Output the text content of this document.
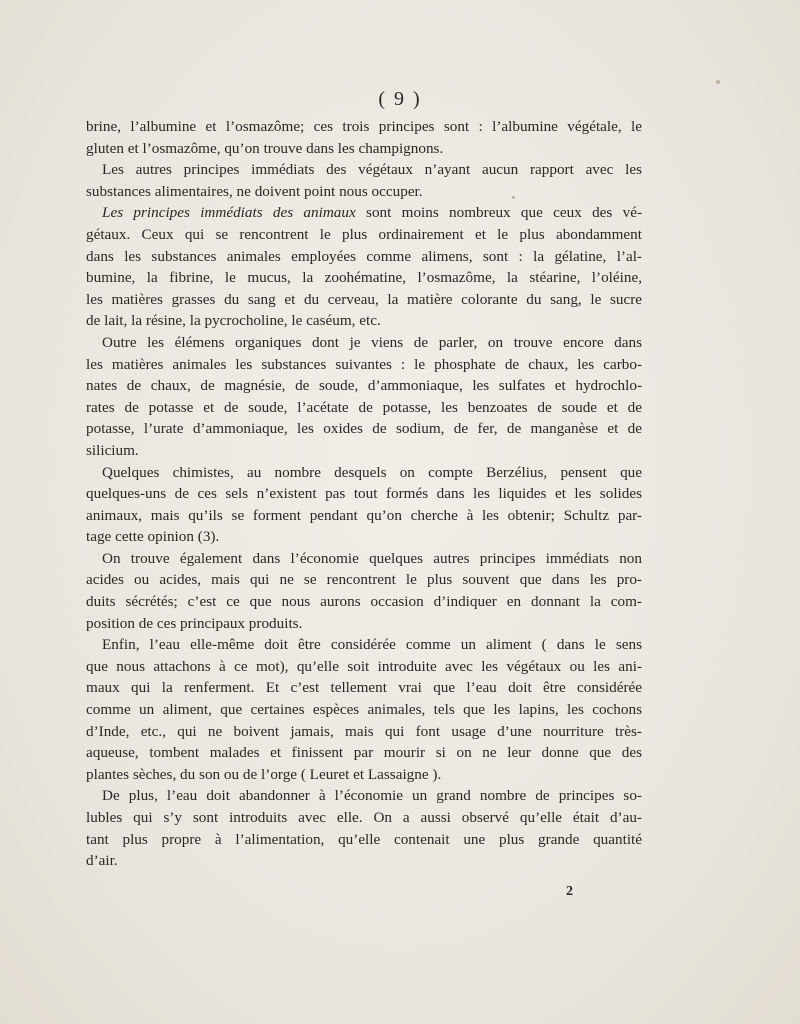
( 9 )
brine, l’albumine et l’osmazôme; ces trois principes sont : l’albumine végétale, le
gluten et l’osmazôme, qu’on trouve dans les champignons.
Les autres principes immédiats des végétaux n’ayant aucun rapport avec les
substances alimentaires, ne doivent point nous occuper.
Les principes immédiats des animaux sont moins nombreux que ceux des vé-
gétaux. Ceux qui se rencontrent le plus ordinairement et le plus abondamment
dans les substances animales employées comme alimens, sont : la gélatine, l’al-
bumine, la fibrine, le mucus, la zoohématine, l’osmazôme, la stéarine, l’oléine,
les matières grasses du sang et du cerveau, la matière colorante du sang, le sucre
de lait, la résine, la pycrocholine, le caséum, etc.
Outre les élémens organiques dont je viens de parler, on trouve encore dans
les matières animales les substances suivantes : le phosphate de chaux, les carbo-
nates de chaux, de magnésie, de soude, d’ammoniaque, les sulfates et hydrochlo-
rates de potasse et de soude, l’acétate de potasse, les benzoates de soude et de
potasse, l’urate d’ammoniaque, les oxides de sodium, de fer, de manganèse et de
silicium.
Quelques chimistes, au nombre desquels on compte Berzélius, pensent que
quelques-uns de ces sels n’existent pas tout formés dans les liquides et les solides
animaux, mais qu’ils se forment pendant qu’on cherche à les obtenir; Schultz par-
tage cette opinion (3).
On trouve également dans l’économie quelques autres principes immédiats non
acides ou acides, mais qui ne se rencontrent le plus souvent que dans les pro-
duits sécrétés; c’est ce que nous aurons occasion d’indiquer en donnant la com-
position de ces principaux produits.
Enfin, l’eau elle-même doit être considérée comme un aliment ( dans le sens
que nous attachons à ce mot), qu’elle soit introduite avec les végétaux ou les ani-
maux qui la renferment. Et c’est tellement vrai que l’eau doit être considérée
comme un aliment, que certaines espèces animales, tels que les lapins, les cochons
d’Inde, etc., qui ne boivent jamais, mais qui font usage d’une nourriture très-
aqueuse, tombent malades et finissent par mourir si on ne leur donne que des
plantes sèches, du son ou de l’orge ( Leuret et Lassaigne ).
De plus, l’eau doit abandonner à l’économie un grand nombre de principes so-
lubles qui s’y sont introduits avec elle. On a aussi observé qu’elle était d’au-
tant plus propre à l’alimentation, qu’elle contenait une plus grande quantité
d’air.
2
